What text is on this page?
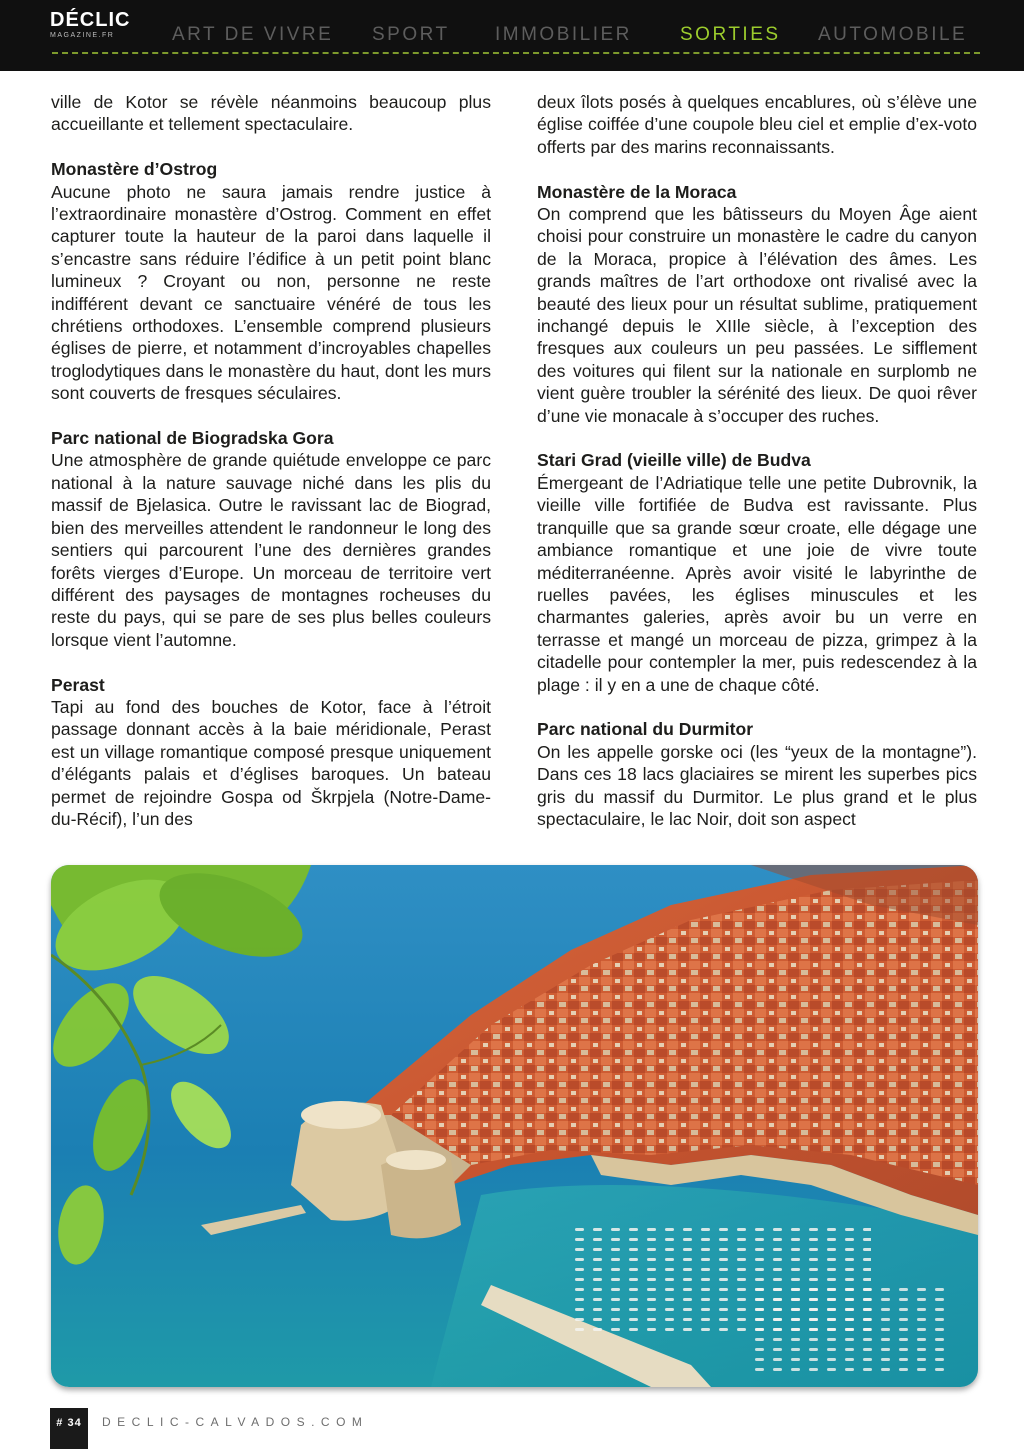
DÉCLIC
MAGAZINE.FR	ART DE VIVRE SPORT IMMOBILIER	SORTIES AUTOMOBILE

ville de Kotor se révèle néanmoins beaucoup plus accueillante et tellement spectaculaire.

Monastère d’Ostrog
Aucune photo ne saura jamais rendre justice à l’extraordinaire monastère d’Ostrog. Comment en effet capturer toute la hauteur de la paroi dans laquelle il s’encastre sans réduire l’édifice à un petit point blanc lumineux ? Croyant ou non, personne ne reste indifférent devant ce sanctuaire vénéré de tous les chrétiens orthodoxes. L’ensemble comprend plusieurs églises de pierre, et notamment d’incroyables chapelles troglodytiques dans le monastère du haut, dont les murs sont couverts de fresques séculaires.

Parc national de Biogradska Gora
Une atmosphère de grande quiétude enveloppe ce parc national à la nature sauvage niché dans les plis du massif de Bjelasica. Outre le ravissant lac de Biograd, bien des merveilles attendent le randonneur le long des sentiers qui parcourent l’une des dernières grandes forêts vierges d’Europe. Un morceau de territoire vert différent des paysages de montagnes rocheuses du reste du pays, qui se pare de ses plus belles couleurs lorsque vient l’automne.

Perast
Tapi au fond des bouches de Kotor, face à l’étroit passage donnant accès à la baie méridionale, Perast est un village romantique composé presque uniquement d’élégants palais et d’églises baroques. Un bateau permet de rejoindre Gospa od Škrpjela (Notre-Dame-du-Récif), l’un des

deux îlots posés à quelques encablures, où s’élève une église coiffée d’une coupole bleu ciel et emplie d’ex-voto offerts par des marins reconnaissants.

Monastère de la Moraca
On comprend que les bâtisseurs du Moyen Âge aient choisi pour construire un monastère le cadre du canyon de la Moraca, propice à l’élévation des âmes. Les grands maîtres de l’art orthodoxe ont rivalisé avec la beauté des lieux pour un résultat sublime, pratiquement inchangé depuis le XIIle siècle, à l’exception des fresques aux couleurs un peu passées. Le sifflement des voitures qui filent sur la nationale en surplomb ne vient guère troubler la sérénité des lieux. De quoi rêver d’une vie monacale à s’occuper des ruches.

Stari Grad (vieille ville) de Budva
Émergeant de l’Adriatique telle une petite Dubrovnik, la vieille ville fortifiée de Budva est ravissante. Plus tranquille que sa grande sœur croate, elle dégage une ambiance romantique et une joie de vivre toute méditerranéenne. Après avoir visité le labyrinthe de ruelles pavées, les églises minuscules et les charmantes galeries, après avoir bu un verre en terrasse et mangé un morceau de pizza, grimpez à la citadelle pour contempler la mer, puis redescendez à la plage : il y en a une de chaque côté.

Parc national du Durmitor
On les appelle gorske oci (les “yeux de la montagne”). Dans ces 18 lacs glaciaires se mirent les superbes pics gris du massif du Durmitor. Le plus grand et le plus spectaculaire, le lac Noir, doit son aspect

# 34	DECLIC-CALVADOS.COM
